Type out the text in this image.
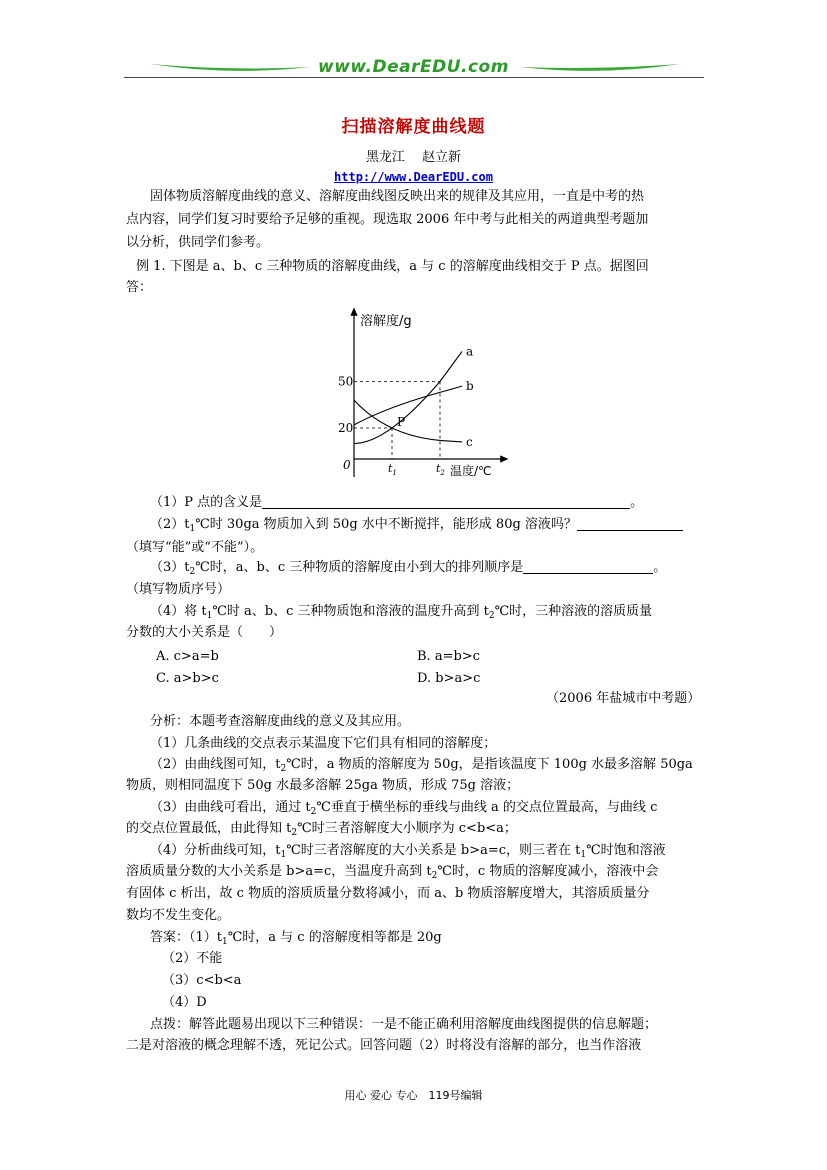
www.DearEDU.com
扫描溶解度曲线题
黑龙江　 赵立新
http://www.DearEDU.com
固体物质溶解度曲线的意义、溶解度曲线图反映出来的规律及其应用，一直是中考的热
点内容，同学们复习时要给予足够的重视。现选取 2006 年中考与此相关的两道典型考题加
以分析，供同学们参考。
例 1. 下图是 a、b、c 三种物质的溶解度曲线，a 与 c 的溶解度曲线相交于 P 点。据图回
答：
溶解度/g
温度/℃
0
20
50
$t_1$	$t_2$
a
b
c
P
（1）P 点的含义是	。
$(2)t_1℃$时 30ga 物质加入到 50g 水中不断搅拌，能形成 80g 溶液吗？
（填写“能”或“不能”）。
$(3)t_2℃$时，a、b、c 三种物质的溶解度由小到大的排列顺序是	。
（填写物质序号）
（4）将 $t_1℃$时 a、b、c 三种物质饱和溶液的温度升高到 $t_2℃$时，三种溶液的溶质质量
分数的大小关系是（　　）
A. c>a=b	B. a=b>c
C. a>b>c	D. b>a>c
（2006 年盐城市中考题）
分析：本题考查溶解度曲线的意义及其应用。
（1）几条曲线的交点表示某温度下它们具有相同的溶解度；
（2）由曲线图可知，$t_2℃$时，a 物质的溶解度为 50g，是指该温度下 100g 水最多溶解 50ga
物质，则相同温度下 50g 水最多溶解 25ga 物质，形成 75g 溶液；
（3）由曲线可看出，通过 $t_2℃$垂直于横坐标的垂线与曲线 a 的交点位置最高，与曲线 c
的交点位置最低，由此得知 $t_2℃$时三者溶解度大小顺序为 c<b<a；
（4）分析曲线可知，$t_1℃$时三者溶解度的大小关系是 b>a=c，则三者在 $t_1℃$时饱和溶液
溶质质量分数的大小关系是 b>a=c，当温度升高到 $t_2℃$时，c 物质的溶解度减小，溶液中会
有固体 c 析出，故 c 物质的溶质质量分数将减小，而 a、b 物质溶解度增大，其溶质质量分
数均不发生变化。
答案：$(1)t_1℃$时，a 与 c 的溶解度相等都是 20g
（2）不能
（3）c<b<a
（4）D
点拨：解答此题易出现以下三种错误：一是不能正确利用溶解度曲线图提供的信息解题；
二是对溶液的概念理解不透，死记公式。回答问题（2）时将没有溶解的部分，也当作溶液
用心 爱心 专心　119号编辑
